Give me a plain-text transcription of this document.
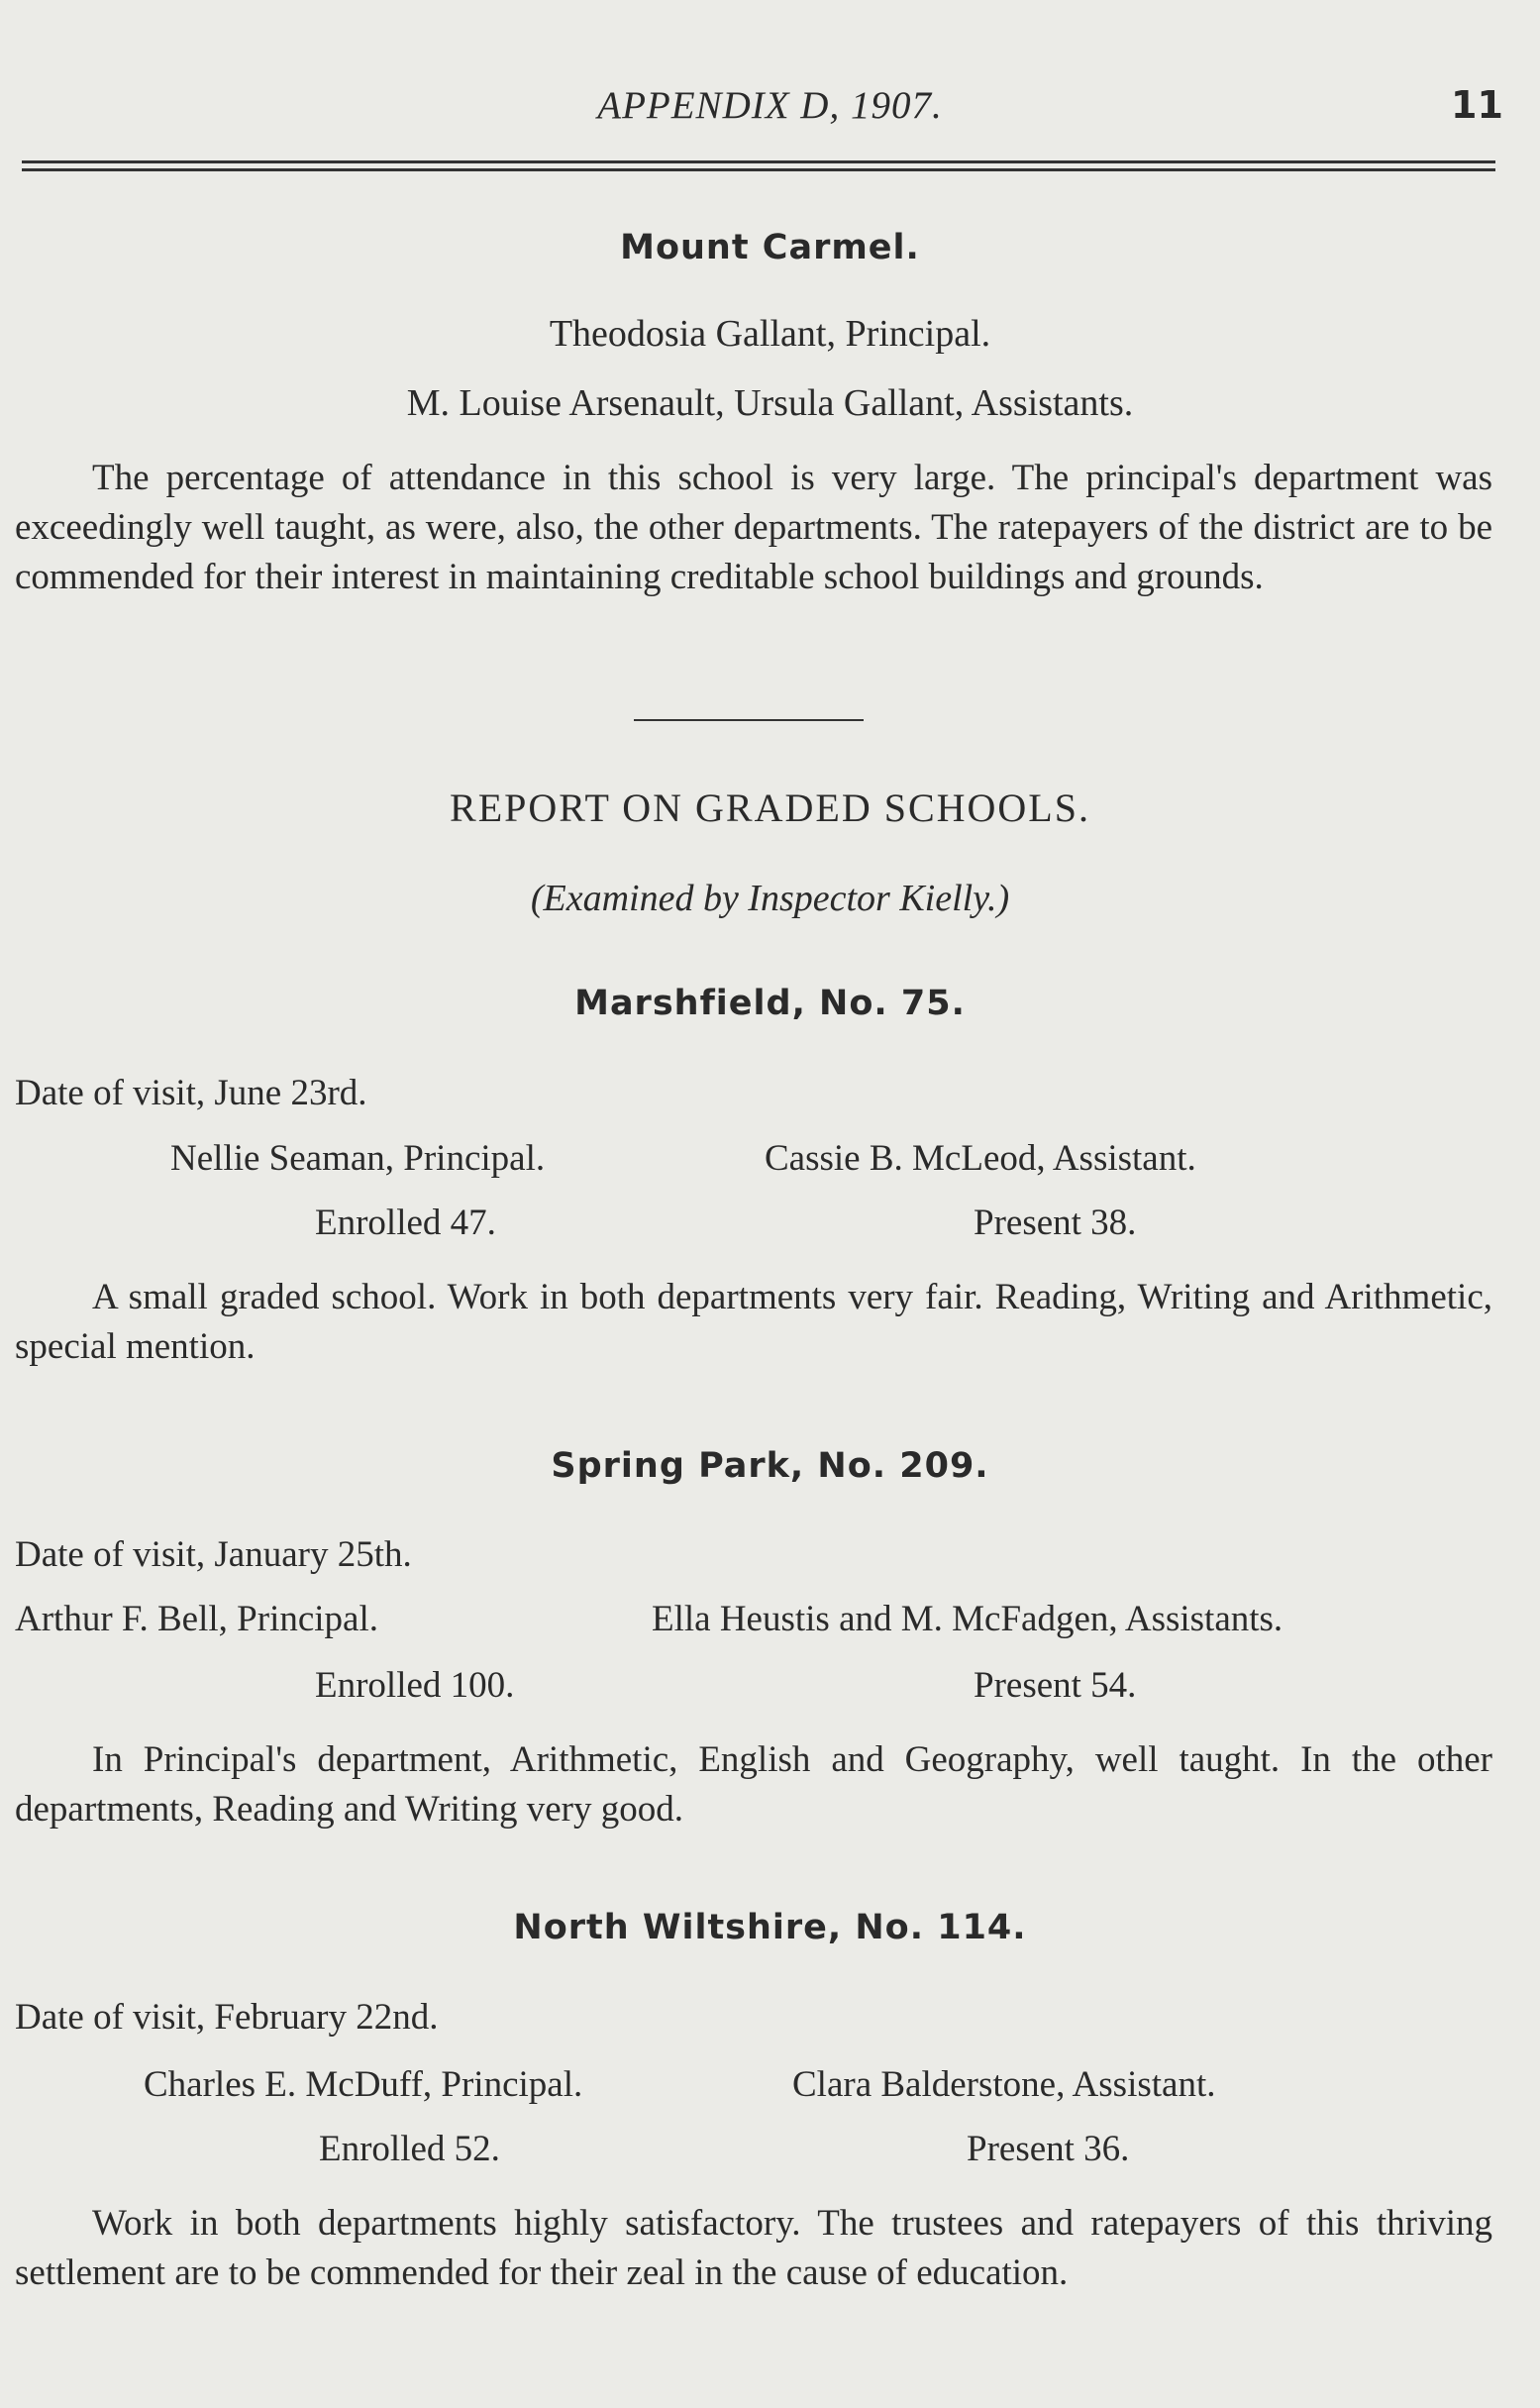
APPENDIX D, 1907.	11
Mount Carmel.
Theodosia Gallant, Principal.
M. Louise Arsenault, Ursula Gallant, Assistants.
The percentage of attendance in this school is very large. The principal's department was exceedingly well taught, as were, also, the other departments. The ratepayers of the district are to be commended for their interest in maintaining creditable school buildings and grounds.
REPORT ON GRADED SCHOOLS.
(Examined by Inspector Kielly.)
Marshfield, No. 75.
Date of visit, June 23rd.
Nellie Seaman, Principal.	Cassie B. McLeod, Assistant.
Enrolled 47.	Present 38.
A small graded school. Work in both departments very fair. Reading, Writing and Arithmetic, special mention.
Spring Park, No. 209.
Date of visit, January 25th.
Arthur F. Bell, Principal.	Ella Heustis and M. McFadgen, Assistants.
Enrolled 100.	Present 54.
In Principal's department, Arithmetic, English and Geography, well taught. In the other departments, Reading and Writing very good.
North Wiltshire, No. 114.
Date of visit, February 22nd.
Charles E. McDuff, Principal.	Clara Balderstone, Assistant.
Enrolled 52.	Present 36.
Work in both departments highly satisfactory. The trustees and ratepayers of this thriving settlement are to be commended for their zeal in the cause of education.
